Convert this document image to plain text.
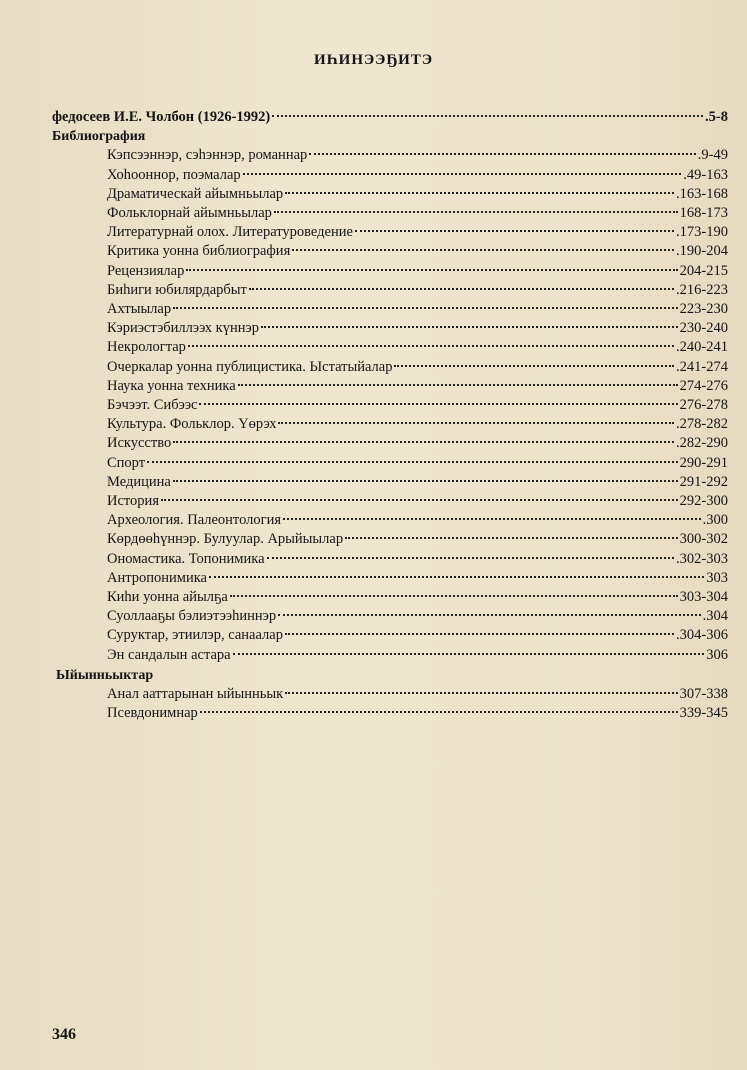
ИҺИНЭЭҔИТЭ
федосеев И.Е. Чолбон (1926-1992)	.5-8
Библиография
Кэпсээннэр, сэһэннэр, романнар	.9-49
Хоһооннор, поэмалар	.49-163
Драматическай айымньылар	.163-168
Фольклорнай айымньылар	168-173
Литературнай олох. Литературоведение	.173-190
Критика уонна библиография	.190-204
Рецензиялар	204-215
Биһиги юбилярдарбыт	.216-223
Ахтыылар	223-230
Кэриэстэбиллээх күннэр	230-240
Некрологтар	.240-241
Очеркалар уонна публицистика. Ыстатыйалар	.241-274
Наука уонна техника	274-276
Бэчээт. Сибээс	276-278
Культура. Фольклор. Үөрэх	.278-282
Искусство	.282-290
Спорт	290-291
Медицина	291-292
История	292-300
Археология. Палеонтология	.300
Көрдөөһүннэр. Булуулар. Арыйыылар	300-302
Ономастика. Топонимика	.302-303
Антропонимика	303
Киһи уонна айылҕа	303-304
Суоллааҕы бэлиэтээһиннэр	.304
Суруктар, этиилэр, санаалар	.304-306
Эн сандалын астара	306
Ыйынньыктар
Анал ааттарынан ыйынньык	307-338
Псевдонимнар	339-345
346
